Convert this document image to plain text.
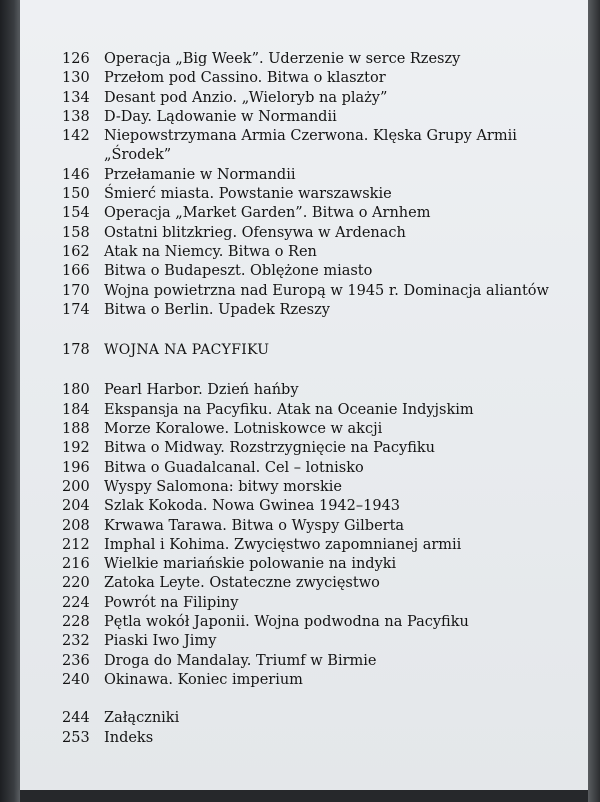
126 Operacja „Big Week”. Uderzenie w serce Rzeszy
130 Przełom pod Cassino. Bitwa o klasztor
134 Desant pod Anzio. „Wieloryb na plaży”
138 D-Day. Lądowanie w Normandii
142 Niepowstrzymana Armia Czerwona. Klęska Grupy Armii
„Środek”
146 Przełamanie w Normandii
150 Śmierć miasta. Powstanie warszawskie
154 Operacja „Market Garden”. Bitwa o Arnhem
158 Ostatni blitzkrieg. Ofensywa w Ardenach
162 Atak na Niemcy. Bitwa o Ren
166 Bitwa o Budapeszt. Oblężone miasto
170 Wojna powietrzna nad Europą w 1945 r. Dominacja aliantów
174 Bitwa o Berlin. Upadek Rzeszy
178	WOJNA NA PACYFIKU
180 Pearl Harbor. Dzień hańby
184 Ekspansja na Pacyfiku. Atak na Oceanie Indyjskim
188 Morze Koralowe. Lotniskowce w akcji
192 Bitwa o Midway. Rozstrzygnięcie na Pacyfiku
196 Bitwa o Guadalcanal. Cel – lotnisko
200 Wyspy Salomona: bitwy morskie
204 Szlak Kokoda. Nowa Gwinea 1942–1943
208 Krwawa Tarawa. Bitwa o Wyspy Gilberta
212 Imphal i Kohima. Zwycięstwo zapomnianej armii
216 Wielkie mariańskie polowanie na indyki
220 Zatoka Leyte. Ostateczne zwycięstwo
224 Powrót na Filipiny
228 Pętla wokół Japonii. Wojna podwodna na Pacyfiku
232 Piaski Iwo Jimy
236 Droga do Mandalay. Triumf w Birmie
240 Okinawa. Koniec imperium
244 Załączniki
253 Indeks
